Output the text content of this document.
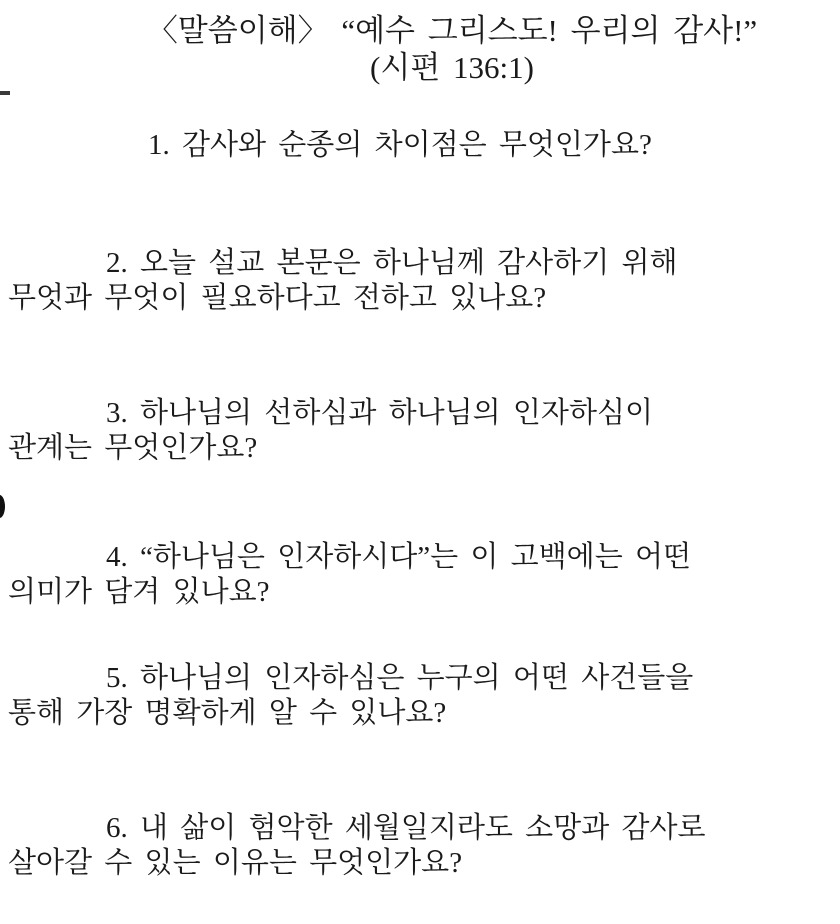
〈말씀이해〉 “예수 그리스도! 우리의 감사!”
(시편 136:1)

1. 감사와 순종의 차이점은 무엇인가요?

2. 오늘 설교 본문은 하나님께 감사하기 위해
무엇과 무엇이 필요하다고 전하고 있나요?

3. 하나님의 선하심과 하나님의 인자하심이
관계는 무엇인가요?

4. “하나님은 인자하시다”는 이 고백에는 어떤
의미가 담겨 있나요?

5. 하나님의 인자하심은 누구의 어떤 사건들을
통해 가장 명확하게 알 수 있나요?

6. 내 삶이 험악한 세월일지라도 소망과 감사로
살아갈 수 있는 이유는 무엇인가요?
